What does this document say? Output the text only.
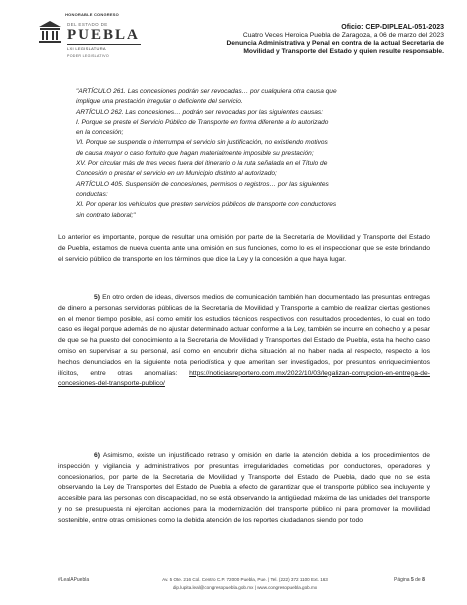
HONORABLE CONGRESO
DEL ESTADO DE
PUEBLA
LXI LEGISLATURA
PODER LEGISLATIVO
Oficio: CEP-DIPLEAL-051-2023
Cuatro Veces Heroica Puebla de Zaragoza, a 06 de marzo del 2023
Denuncia Administrativa y Penal en contra de la actual Secretaria de
Movilidad y Transporte del Estado y quien resulte responsable.

"ARTÍCULO 261. Las concesiones podrán ser revocadas… por cualquiera otra causa que

implique una prestación irregular o deficiente del servicio.

ARTÍCULO 262. Las concesiones… podrán ser revocadas por las siguientes causas:

I. Porque se preste el Servicio Público de Transporte en forma diferente a lo autorizado

en la concesión;

VI. Porque se suspenda o interrumpa el servicio sin justificación, no existiendo motivos

de causa mayor o caso fortuito que hagan materialmente imposible su prestación;

XV. Por circular más de tres veces fuera del itinerario o la ruta señalada en el Título de

Concesión o prestar el servicio en un Municipio distinto al autorizado;

ARTÍCULO 405. Suspensión de concesiones, permisos o registros… por las siguientes

conductas:

XI. Por operar los vehículos que presten servicios públicos de transporte con conductores

sin contrato laboral;"

Lo anterior es importante, porque de resultar una omisión por parte de la Secretaría de Movilidad y Transporte del Estado de Puebla, estamos de nueva cuenta ante una omisión en sus funciones, como lo es el inspeccionar que se este brindando el servicio público de transporte en los términos que dice la Ley y la concesión a que haya lugar.

5) En otro orden de ideas, diversos medios de comunicación también han documentado las presuntas entregas de dinero a personas servidoras públicas de la Secretaría de Movilidad y Transporte a cambio de realizar ciertas gestiones en el menor tiempo posible, así como emitir los estudios técnicos respectivos con resultados procedentes, lo cual en todo caso es ilegal porque además de no ajustar determinado actuar conforme a la Ley, también se incurre en cohecho y a pesar de que se ha puesto del conocimiento a la Secretaria de Movilidad y Transportes del Estado de Puebla, esta ha hecho caso omiso en supervisar a su personal, así como en encubrir dicha situación al no haber nada al respecto, respecto a los hechos denunciados en la siguiente nota periodística y que ameritan ser investigados, por presuntos enriquecimientos ilícitos, entre otras anomalías: https://noticiasreportero.com.mx/2022/10/03/legalizan-corrupcion-en-entrega-de-concesiones-del-transporte-publico/

6) Asimismo, existe un injustificado retraso y omisión en darle la atención debida a los procedimientos de inspección y vigilancia y administrativos por presuntas irregularidades cometidas por conductores, operadores y concesionarios, por parte de la Secretaria de Movilidad y Transporte del Estado de Puebla, dado que no se esta observando la Ley de Transportes del Estado de Puebla a efecto de garantizar que el transporte público sea incluyente y accesible para las personas con discapacidad, no se está observando la antigüedad máxima de las unidades del transporte y no se presupuesta ni ejercitan acciones para la modernización del transporte público ni para promover la movilidad sostenible, entre otras omisiones como la debida atención de los reportes ciudadanos siendo por todo

#LealAPuebla	Av. 5 Ote. 216 Col. Centro C.P. 72000 Puebla, Pue. | Tel. (222) 372 1100 Ext. 163
dip.lupita.leal@congresopuebla.gob.mx | www.congresopuebla.gob.mx
Página 5 de 8
